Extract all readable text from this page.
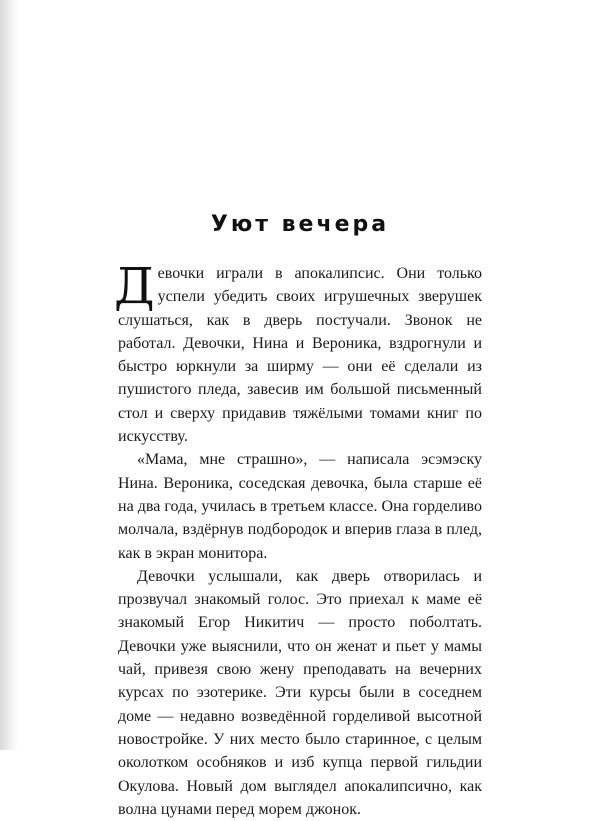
Уют вечера

Девочки играли в апокалипсис. Они только успели убедить своих игрушечных зверушек слушаться, как в дверь постучали. Звонок не работал. Девочки, Нина и Вероника, вздрогнули и быстро юркнули за ширму — они её сделали из пушистого пледа, завесив им большой письменный стол и сверху придавив тяжёлыми томами книг по искусству.

«Мама, мне страшно», — написала эсэмэску Нина. Вероника, соседская девочка, была старше её на два года, училась в третьем классе. Она горделиво молчала, вздёрнув подбородок и вперив глаза в плед, как в экран монитора.

Девочки услышали, как дверь отворилась и прозвучал знакомый голос. Это приехал к маме её знакомый Егор Никитич — просто поболтать. Девочки уже выяснили, что он женат и пьет у мамы чай, привезя свою жену преподавать на вечерних курсах по эзотерике. Эти курсы были в соседнем доме — недавно возведённой горделивой высотной новостройке. У них место было старинное, с целым околотком особняков и изб купца первой гильдии Окулова. Новый дом выглядел апокалипсично, как волна цунами перед морем джонок.
